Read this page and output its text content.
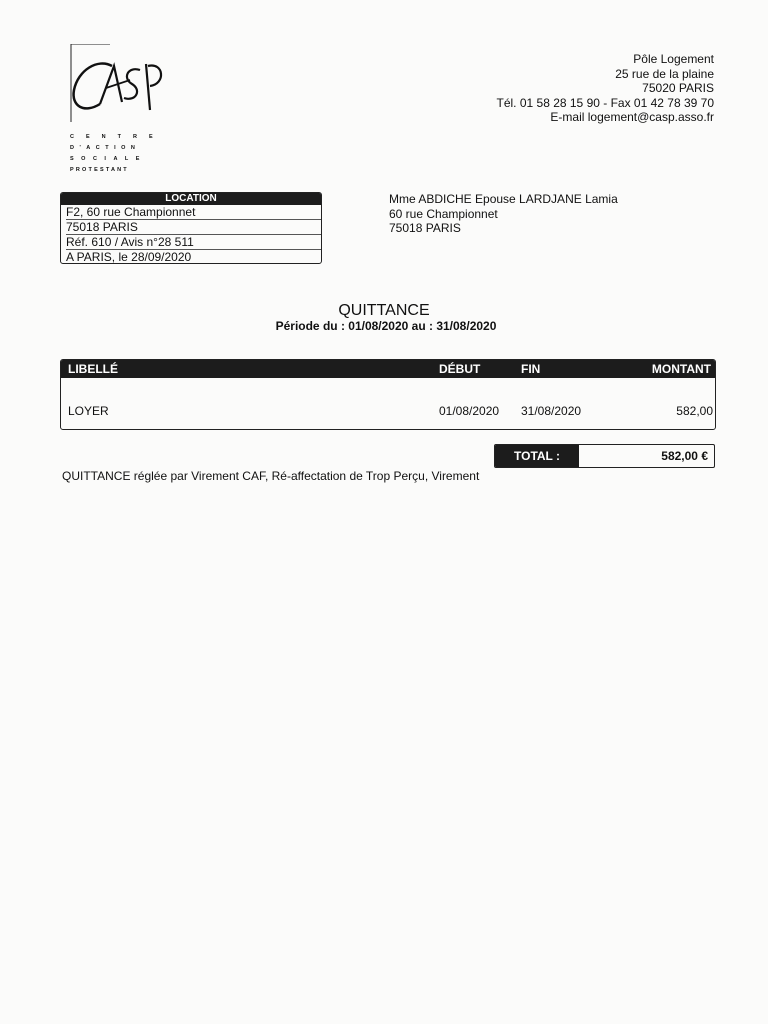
CENTRE
D'ACTION
SOCIALE
PROTESTANT
Pôle Logement
25 rue de la plaine
75020 PARIS
Tél. 01 58 28 15 90 - Fax 01 42 78 39 70
E-mail logement@casp.asso.fr
LOCATION
F2, 60 rue Championnet
75018 PARIS
Réf. 610 / Avis n°28 511
A PARIS, le 28/09/2020
Mme ABDICHE Epouse LARDJANE Lamia
60 rue Championnet
75018 PARIS
QUITTANCE
Période du : 01/08/2020 au : 31/08/2020
LIBELLÉ	DÉBUT	FIN	MONTANT
LOYER	01/08/2020 31/08/2020	582,00
TOTAL :	582,00 €
QUITTANCE réglée par Virement CAF, Ré-affectation de Trop Perçu, Virement
